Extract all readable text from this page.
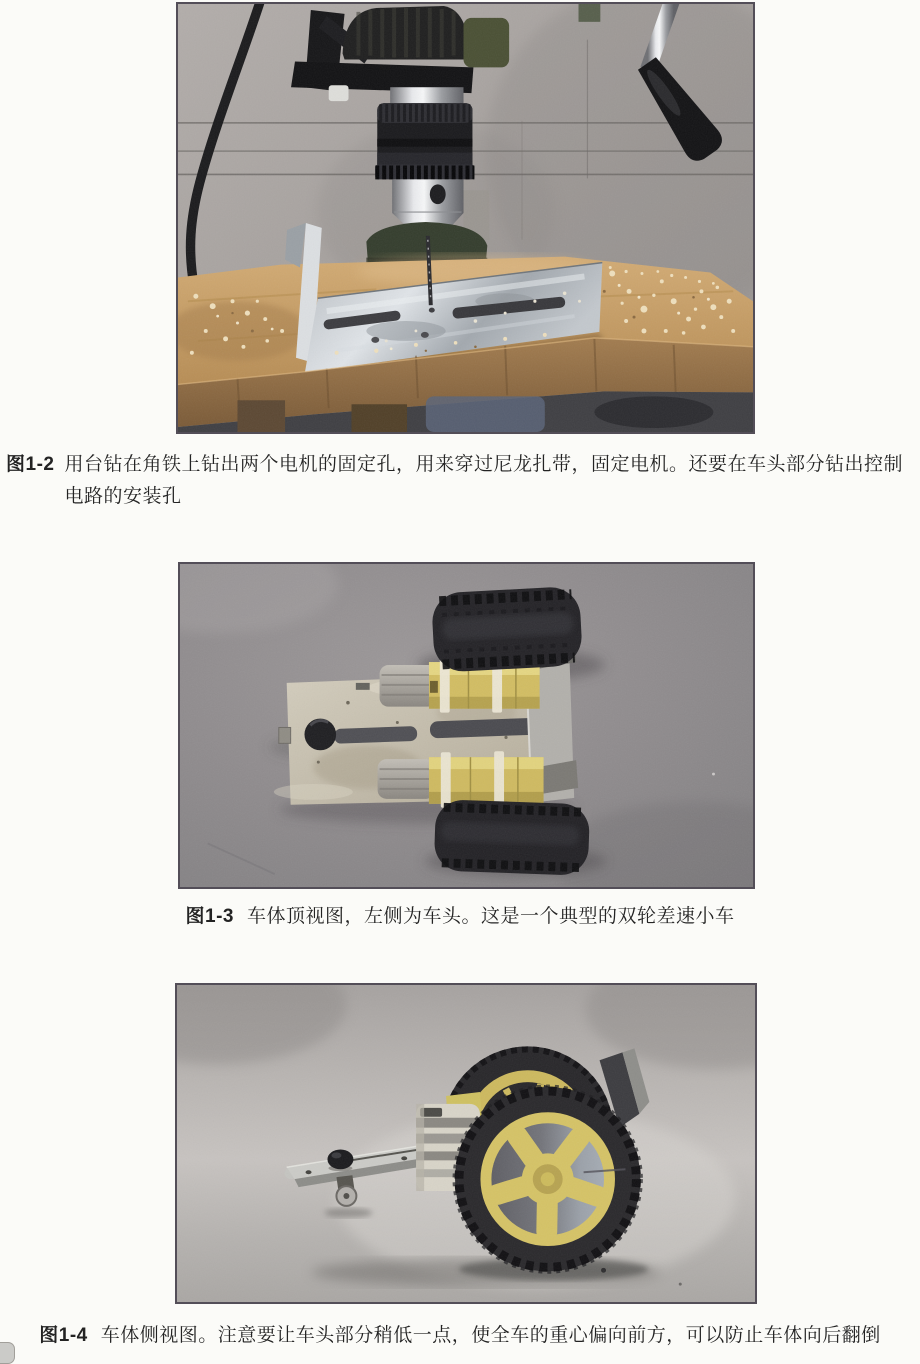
图1-2 用台钻在角铁上钻出两个电机的固定孔，用来穿过尼龙扎带，固定电机。还要在车头部分钻出控制电路的安装孔
图1-3 车体顶视图，左侧为车头。这是一个典型的双轮差速小车
图1-4 车体侧视图。注意要让车头部分稍低一点，使全车的重心偏向前方，可以防止车体向后翻倒
